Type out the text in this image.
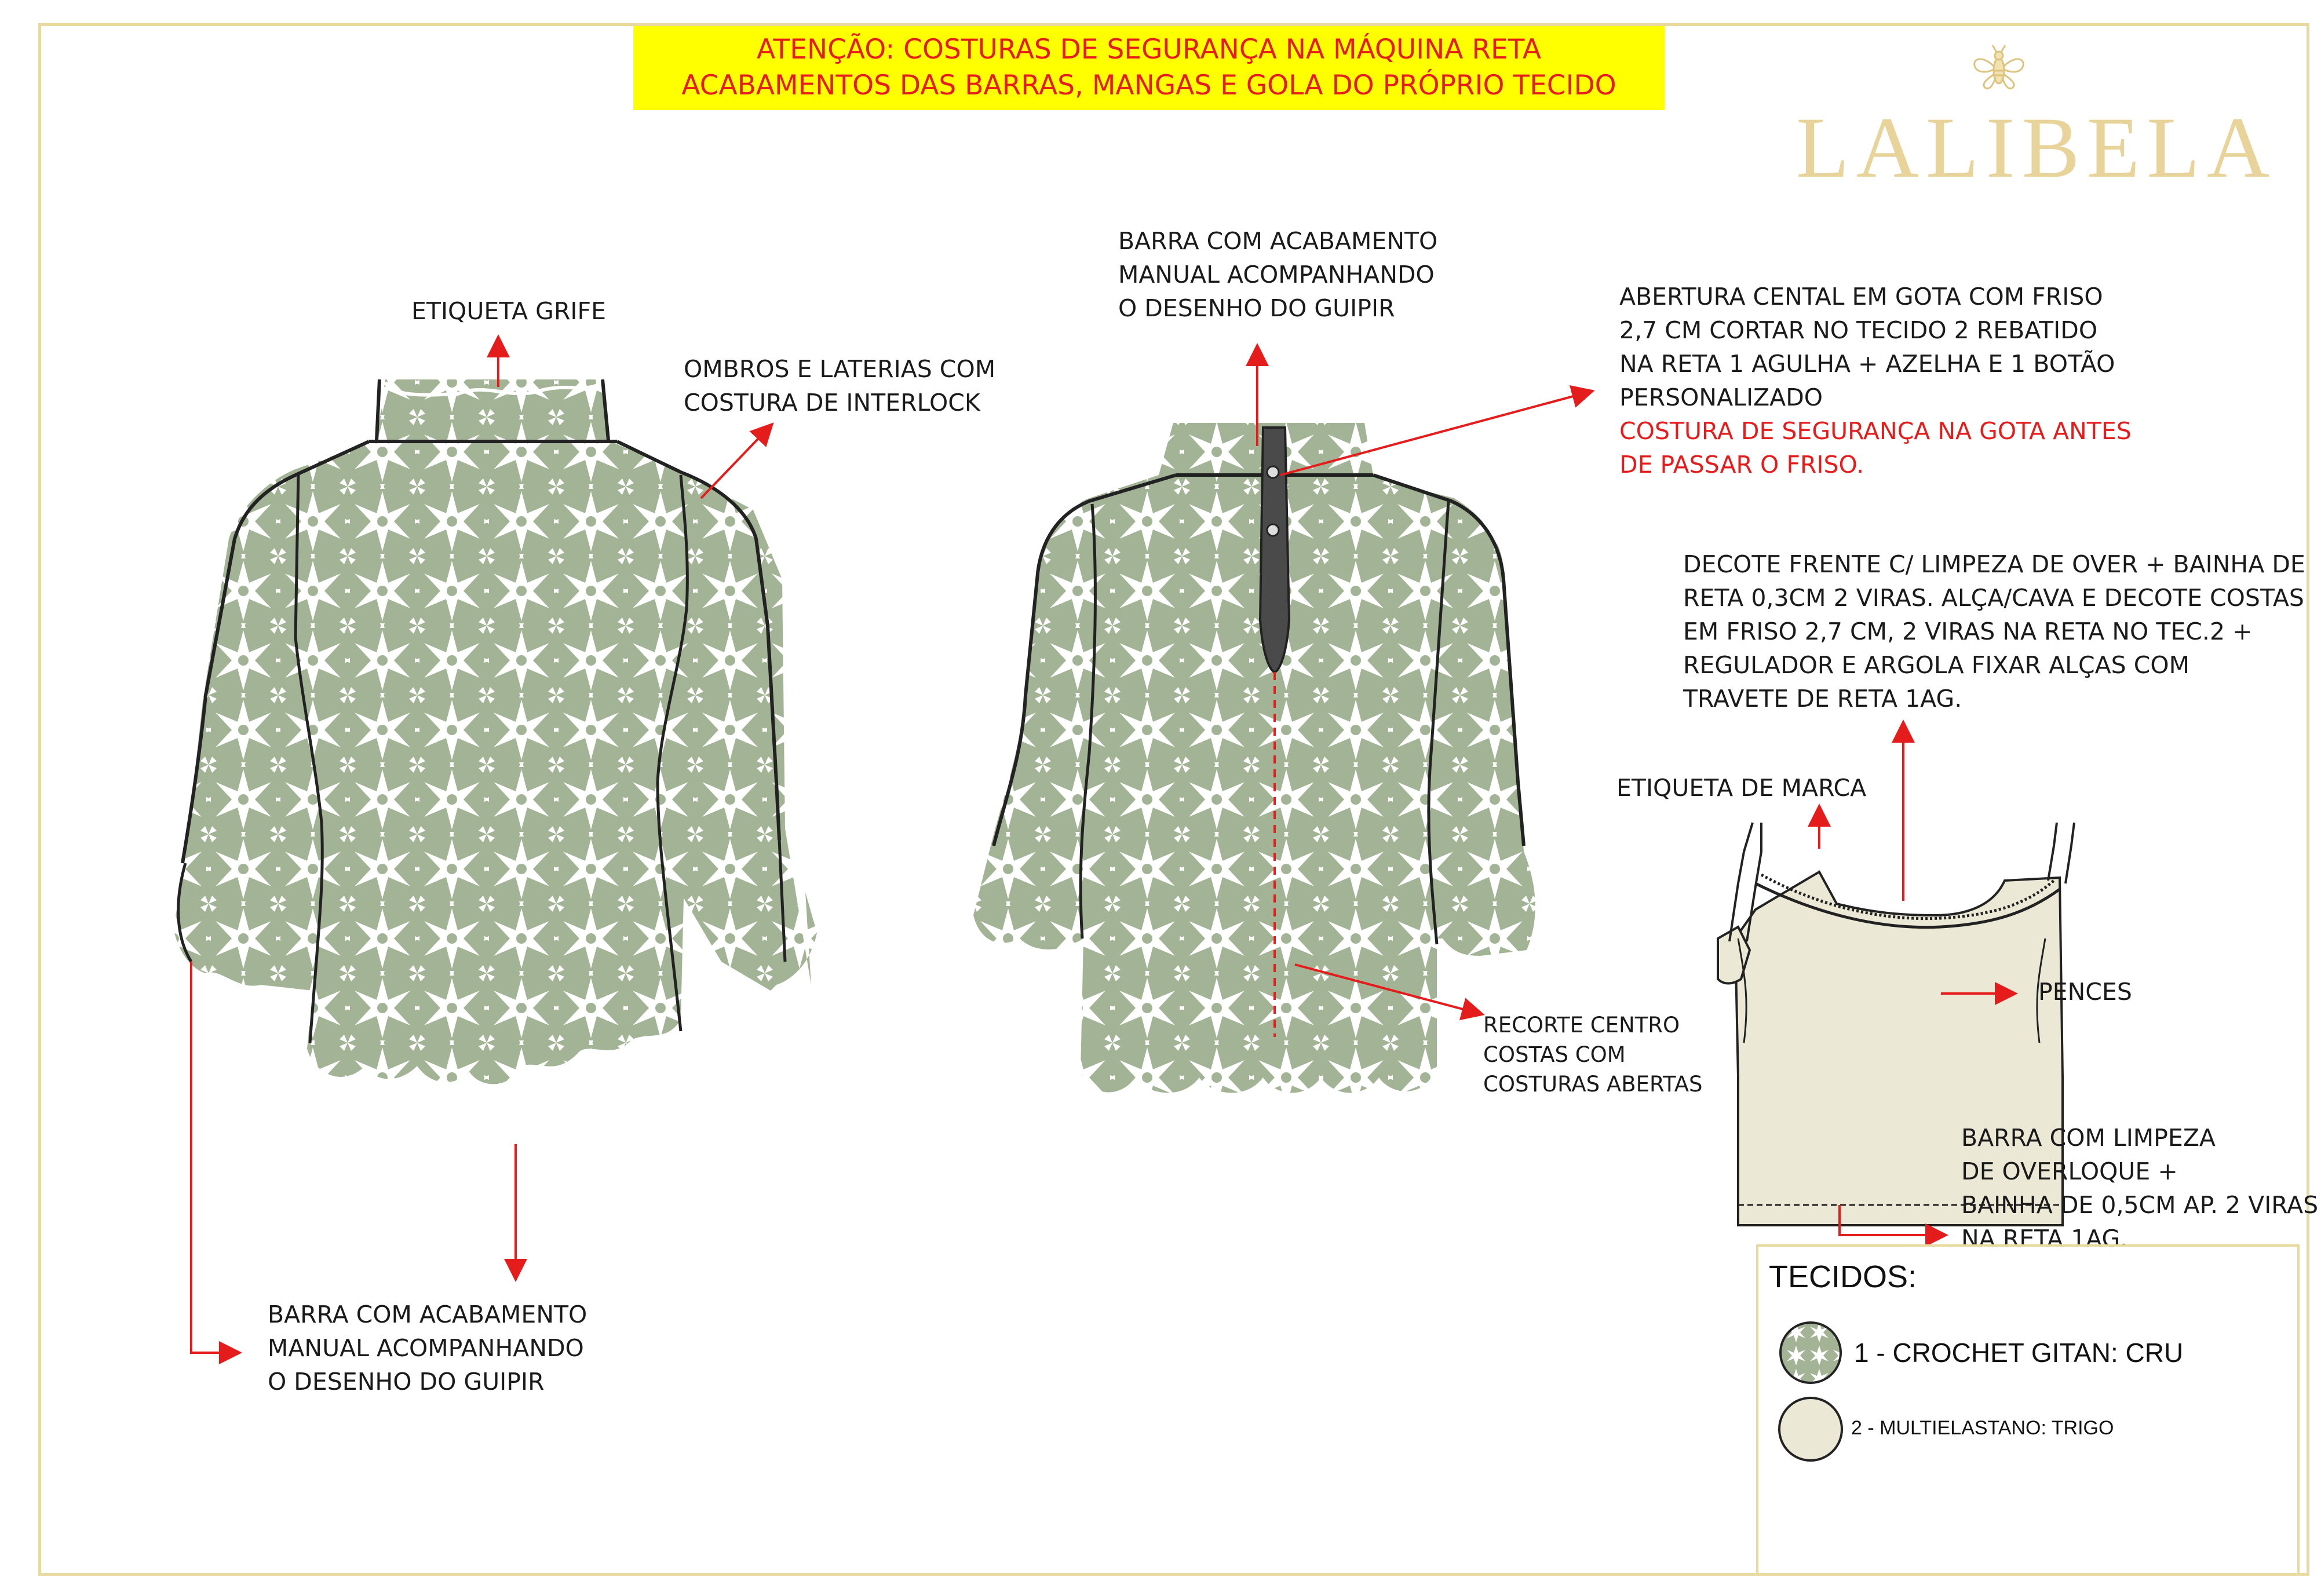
ATENÇÃO: COSTURAS DE SEGURANÇA NA MÁQUINA RETA
ACABAMENTOS DAS BARRAS, MANGAS E GOLA DO PRÓPRIO TECIDO
LALIBELA
ETIQUETA GRIFE
OMBROS E LATERIAS COM
COSTURA DE INTERLOCK
BARRA COM ACABAMENTO
MANUAL ACOMPANHANDO
O DESENHO DO GUIPIR	ABERTURA CENTAL EM GOTA COM FRISO
2,7 CM CORTAR NO TECIDO 2 REBATIDO
NA RETA 1 AGULHA + AZELHA E 1 BOTÃO
PERSONALIZADO
COSTURA DE SEGURANÇA NA GOTA ANTES
DE PASSAR O FRISO.
DECOTE FRENTE C/ LIMPEZA DE OVER + BAINHA DE
RETA 0,3CM 2 VIRAS. ALÇA/CAVA E DECOTE COSTAS
EM FRISO 2,7 CM, 2 VIRAS NA RETA NO TEC.2 +
REGULADOR E ARGOLA FIXAR ALÇAS COM
TRAVETE DE RETA 1AG.
ETIQUETA DE MARCA
PENCES
RECORTE CENTRO
COSTAS COM
COSTURAS ABERTAS
BARRA COM LIMPEZA
DE OVERLOQUE +
BAINHA DE 0,5CM AP. 2 VIRAS
NA RETA 1AG.
BARRA COM ACABAMENTO
MANUAL ACOMPANHANDO
O DESENHO DO GUIPIR
TECIDOS:
1 - CROCHET GITAN: CRU
2 - MULTIELASTANO: TRIGO
